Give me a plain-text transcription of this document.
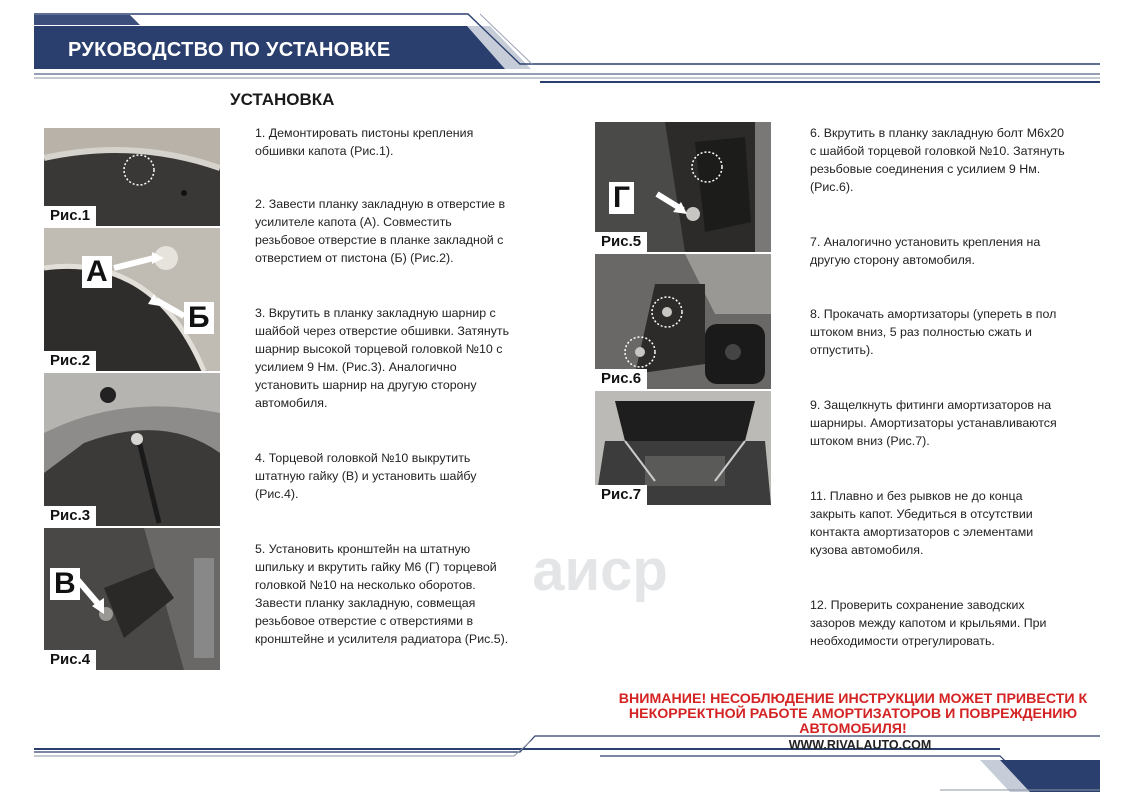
РУКОВОДСТВО ПО УСТАНОВКЕ
УСТАНОВКА
Рис.1
А
Б
Рис.2
Рис.3
В
Рис.4
Г
Рис.5
Рис.6
Рис.7
1. Демонтировать пистоны крепления
обшивки капота (Рис.1).
2. Завести планку закладную в отверстие в
усилителе капота (А). Совместить
резьбовое отверстие в планке закладной с
отверстием от пистона (Б) (Рис.2).
3. Вкрутить в планку закладную шарнир с
шайбой через отверстие обшивки. Затянуть
шарнир высокой торцевой головкой №10 с
усилием 9 Нм. (Рис.3). Аналогично
установить шарнир на другую сторону
автомобиля.
4. Торцевой головкой №10 выкрутить
штатную гайку (В) и установить шайбу
(Рис.4).
5. Установить кронштейн на штатную
шпильку и вкрутить гайку М6 (Г) торцевой
головкой №10 на несколько оборотов.
Завести планку закладную, совмещая
резьбовое отверстие с отверстиями в
кронштейне и усилителя радиатора (Рис.5).
6. Вкрутить в планку закладную болт М6х20
с шайбой торцевой головкой №10. Затянуть
резьбовые соединения с усилием 9 Нм.
(Рис.6).
7. Аналогично установить крепления на
другую сторону автомобиля.
8. Прокачать амортизаторы (упереть в пол
штоком вниз, 5 раз полностью сжать и
отпустить).
9. Защелкнуть фитинги амортизаторов на
шарниры. Амортизаторы устанавливаются
штоком вниз (Рис.7).
11. Плавно и без рывков не до конца
закрыть капот. Убедиться в отсутствии
контакта амортизаторов с элементами
кузова автомобиля.
12. Проверить сохранение заводских
зазоров между капотом и крыльями. При
необходимости отрегулировать.
аиср
ВНИМАНИЕ! НЕСОБЛЮДЕНИЕ ИНСТРУКЦИИ МОЖЕТ ПРИВЕСТИ К
НЕКОРРЕКТНОЙ РАБОТЕ АМОРТИЗАТОРОВ И ПОВРЕЖДЕНИЮ
АВТОМОБИЛЯ!
WWW.RIVALAUTO.COM
